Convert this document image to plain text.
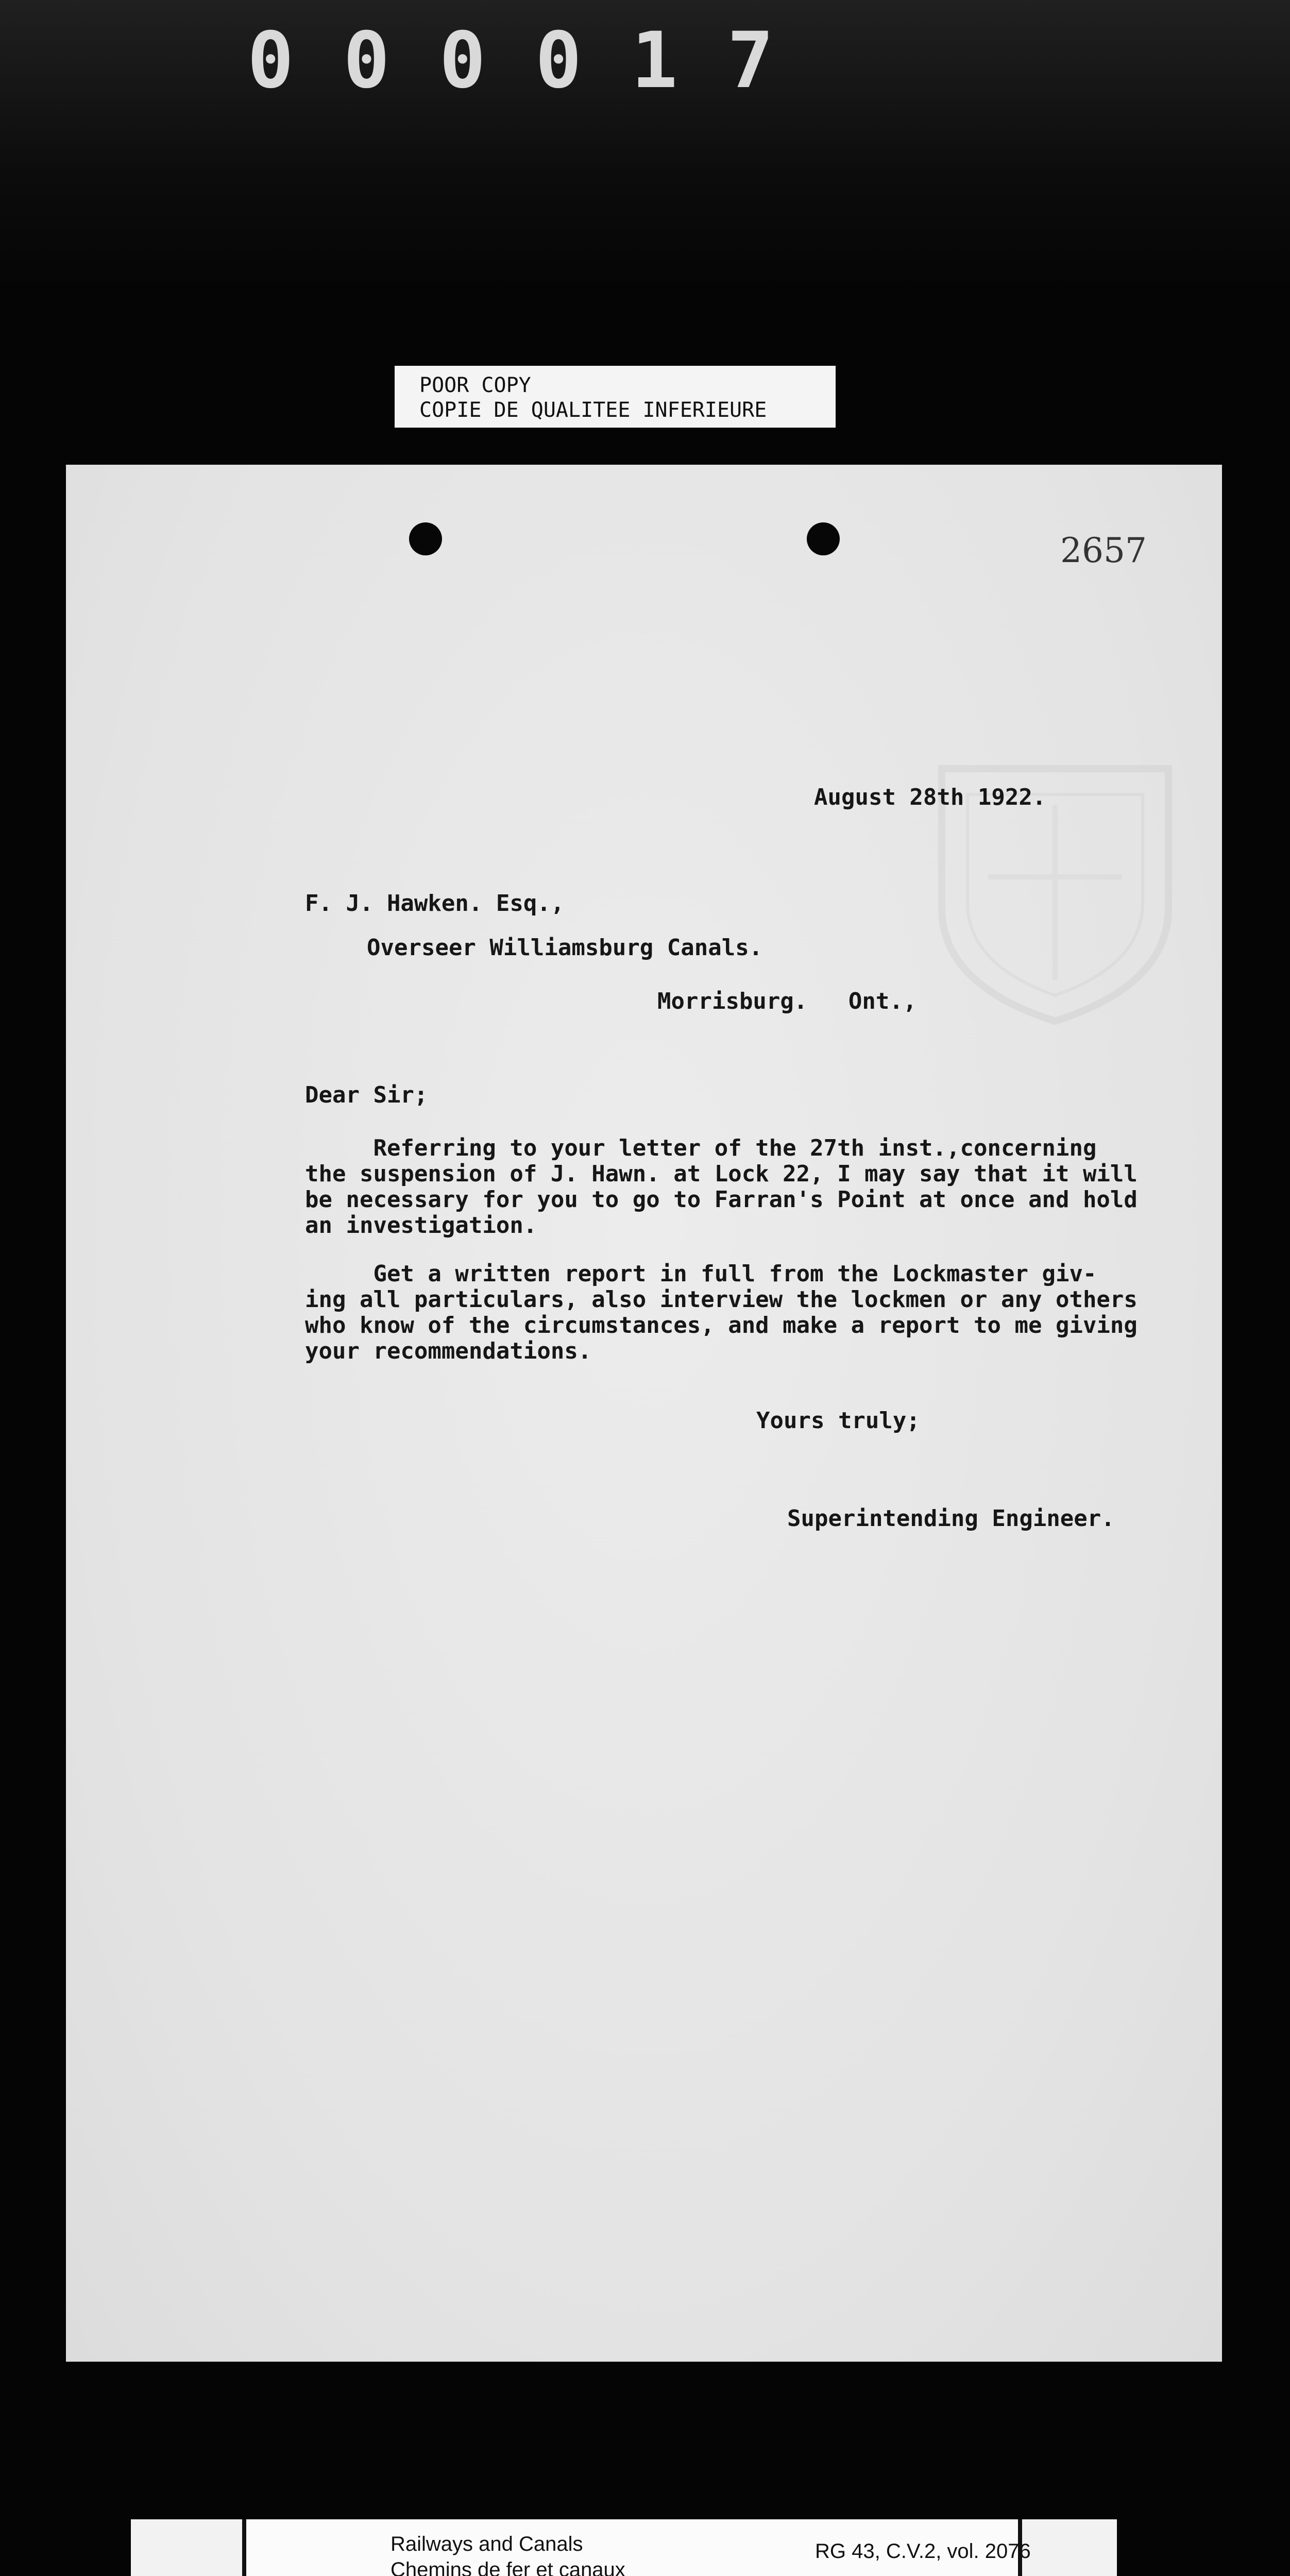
000017
POOR COPY
COPIE DE QUALITEE INFERIEURE
2657
August 28th 1922.
F. J. Hawken. Esq.,
Overseer Williamsburg Canals.
Morrisburg.   Ont.,
Dear Sir;
Referring to your letter of the 27th inst.,concerning
the suspension of J. Hawn. at Lock 22, I may say that it will
be necessary for you to go to Farran's Point at once and hold
an investigation.
Get a written report in full from the Lockmaster giv-
ing all particulars, also interview the lockmen or any others
who know of the circumstances, and make a report to me giving
your recommendations.
Yours truly;
Superintending Engineer.
Railways and Canals
Chemins de fer et canaux
RG 43, C.V.2, vol. 2076
